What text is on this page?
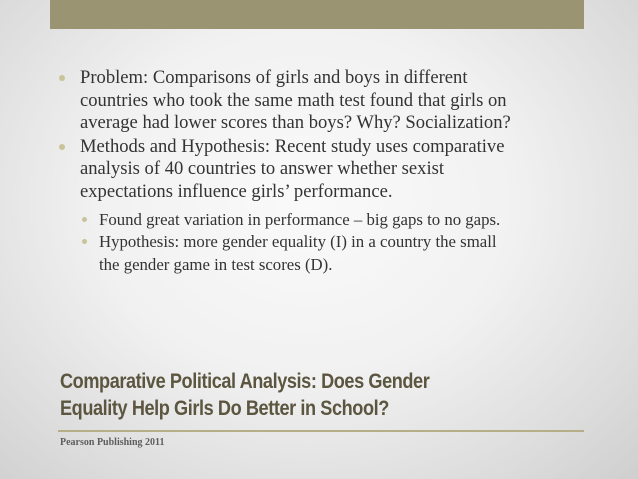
Problem: Comparisons of girls and boys in different
countries who took the same math test found that girls on
average had lower scores than boys? Why? Socialization?
Methods and Hypothesis: Recent study uses comparative
analysis of 40 countries to answer whether sexist
expectations influence girls’ performance.
Found great variation in performance – big gaps to no gaps.
Hypothesis: more gender equality (I) in a country the small
the gender game in test scores (D).
Comparative Political Analysis: Does Gender
Equality Help Girls Do Better in School?
Pearson Publishing 2011
